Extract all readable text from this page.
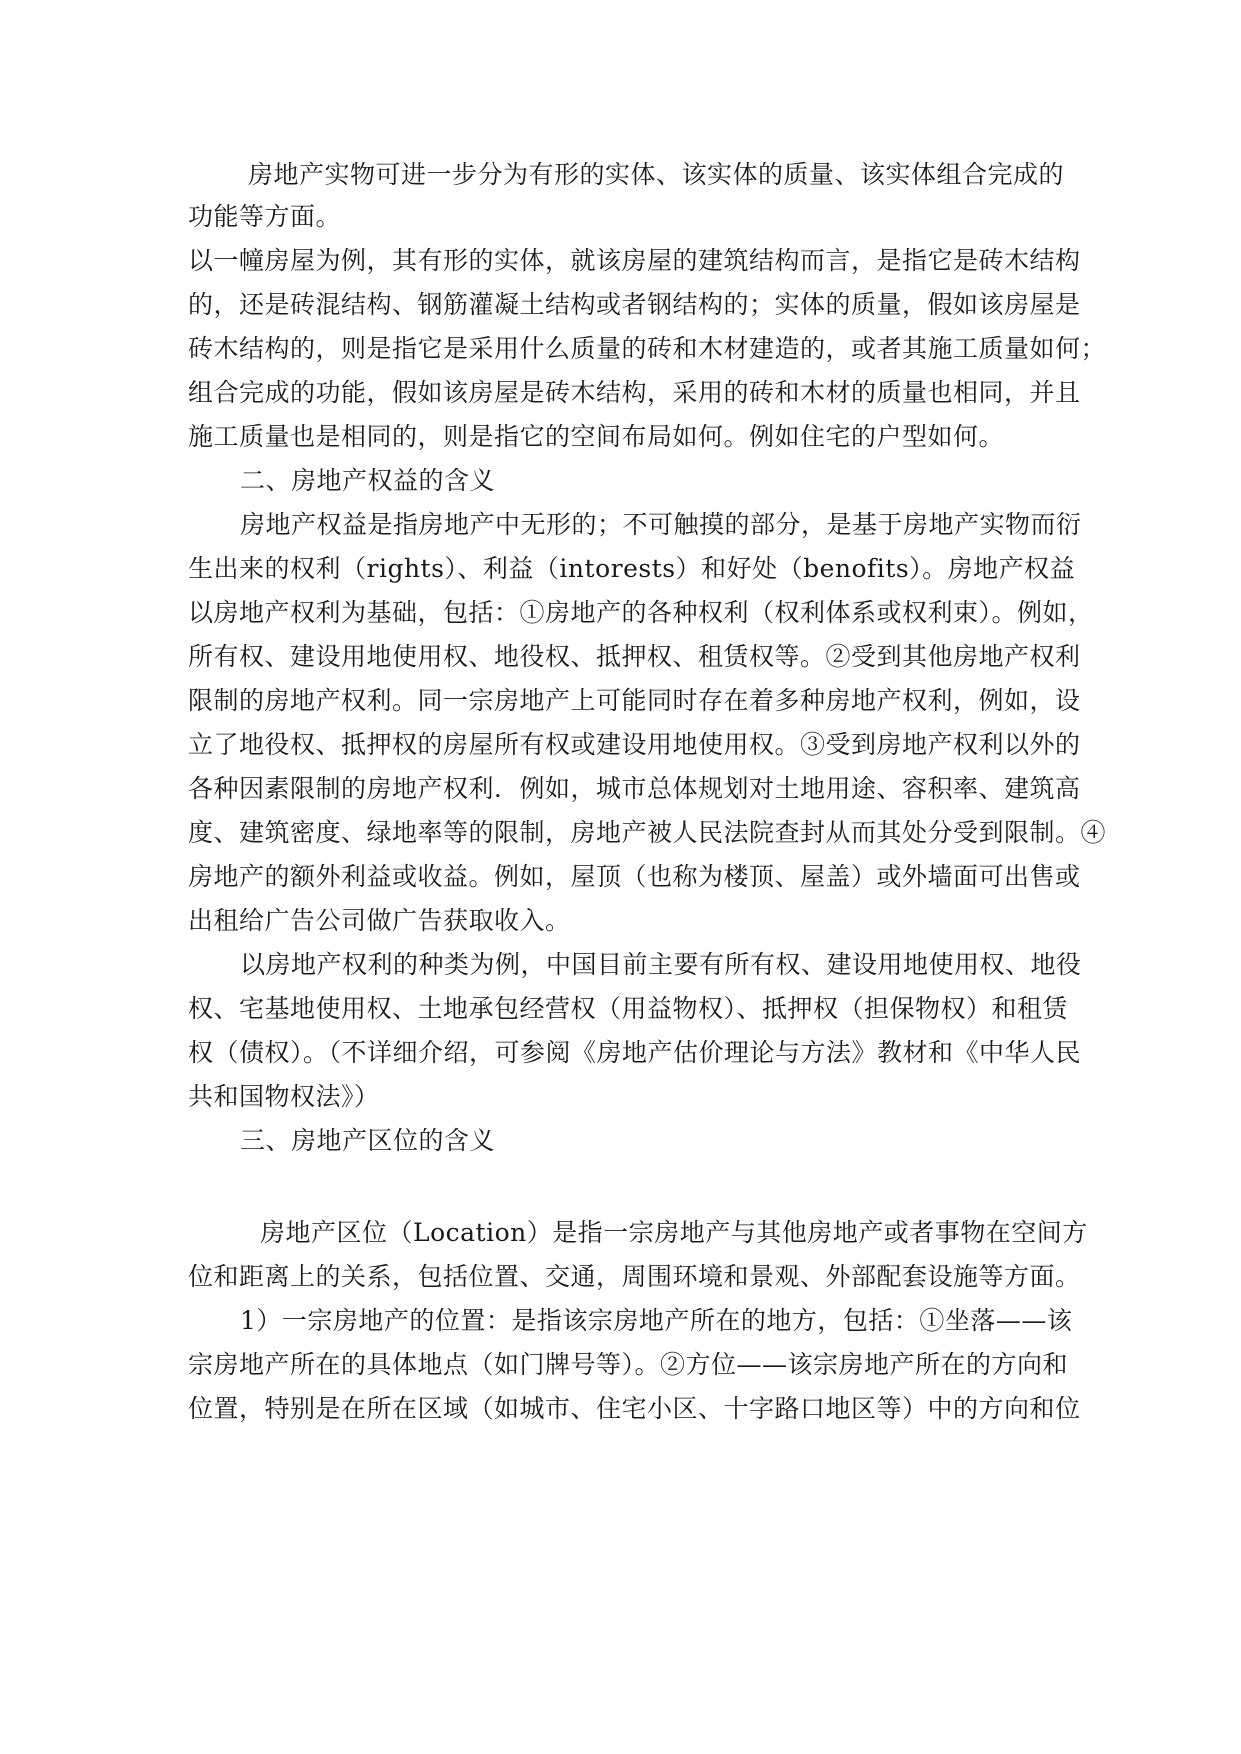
房地产实物可进一步分为有形的实体、该实体的质量、该实体组合完成的

功能等方面。

以一幢房屋为例，其有形的实体，就该房屋的建筑结构而言，是指它是砖木结构

的，还是砖混结构、钢筋灌凝土结构或者钢结构的；实体的质量，假如该房屋是

砖木结构的，则是指它是采用什么质量的砖和木材建造的，或者其施工质量如何；

组合完成的功能，假如该房屋是砖木结构，采用的砖和木材的质量也相同，并且

施工质量也是相同的，则是指它的空间布局如何。例如住宅的户型如何。

二、房地产权益的含义

房地产权益是指房地产中无形的；不可触摸的部分，是基于房地产实物而衍

生出来的权利（rights）、利益（intorests）和好处（benofits）。房地产权益

以房地产权利为基础，包括：①房地产的各种权利（权利体系或权利束）。例如，

所有权、建设用地使用权、地役权、抵押权、租赁权等。②受到其他房地产权利

限制的房地产权利。同一宗房地产上可能同时存在着多种房地产权利，例如，设

立了地役权、抵押权的房屋所有权或建设用地使用权。③受到房地产权利以外的

各种因素限制的房地产权利．例如，城市总体规划对土地用途、容积率、建筑高

度、建筑密度、绿地率等的限制，房地产被人民法院查封从而其处分受到限制。④

房地产的额外利益或收益。例如，屋顶（也称为楼顶、屋盖）或外墙面可出售或

出租给广告公司做广告获取收入。

以房地产权利的种类为例，中国目前主要有所有权、建设用地使用权、地役

权、宅基地使用权、土地承包经营权（用益物权）、抵押权（担保物权）和租赁

权（债权）。（不详细介绍，可参阅《房地产估价理论与方法》教材和《中华人民

共和国物权法》）

三、房地产区位的含义

房地产区位（Location）是指一宗房地产与其他房地产或者事物在空间方

位和距离上的关系，包括位置、交通，周围环境和景观、外部配套设施等方面。

1）一宗房地产的位置：是指该宗房地产所在的地方，包括：①坐落——该

宗房地产所在的具体地点（如门牌号等）。②方位——该宗房地产所在的方向和

位置，特别是在所在区域（如城市、住宅小区、十字路口地区等）中的方向和位
